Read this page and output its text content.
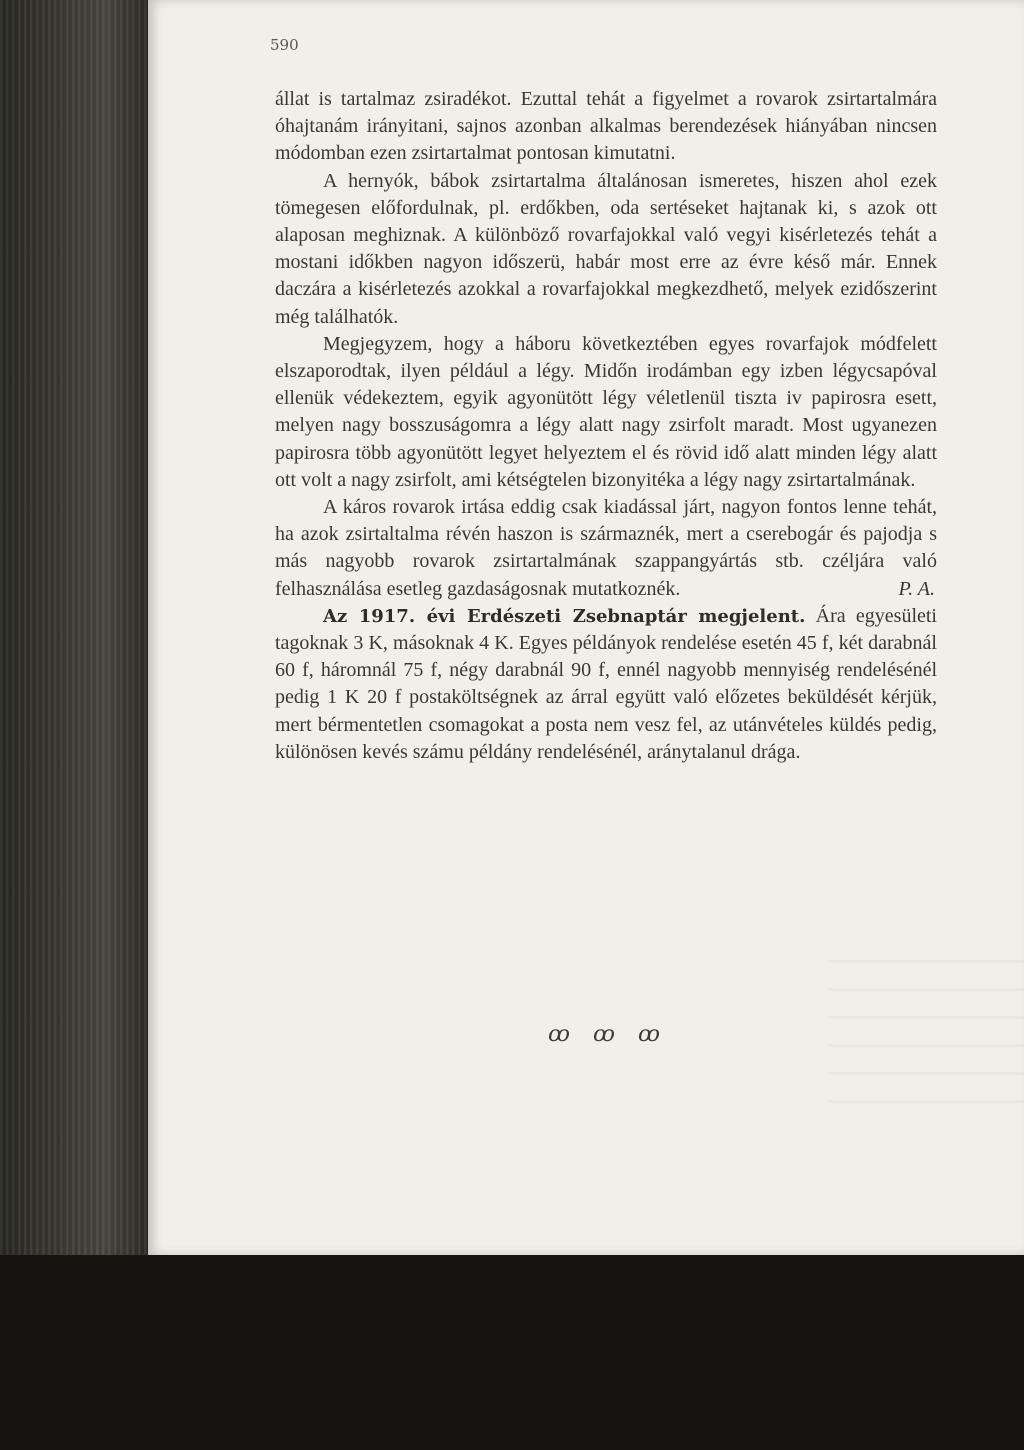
590

állat is tartalmaz zsiradékot. Ezuttal tehát a figyelmet a rovarok zsirtartalmára óhajtanám irányitani, sajnos azonban alkalmas berendezések hiányában nincsen módomban ezen zsirtartalmat pontosan kimutatni.

A hernyók, bábok zsirtartalma általánosan ismeretes, hiszen ahol ezek tömegesen előfordulnak, pl. erdőkben, oda sertéseket hajtanak ki, s azok ott alaposan meghiznak. A különböző rovarfajokkal való vegyi kisérletezés tehát a mostani időkben nagyon időszerü, habár most erre az évre késő már. Ennek daczára a kisérletezés azokkal a rovarfajokkal megkezdhető, melyek ezidőszerint még találhatók.

Megjegyzem, hogy a háboru következtében egyes rovarfajok módfelett elszaporodtak, ilyen például a légy. Midőn irodámban egy izben légycsapóval ellenük védekeztem, egyik agyonütött légy véletlenül tiszta iv papirosra esett, melyen nagy bosszuságomra a légy alatt nagy zsirfolt maradt. Most ugyanezen papirosra több agyonütött legyet helyeztem el és rövid idő alatt minden légy alatt ott volt a nagy zsirfolt, ami kétségtelen bizonyitéka a légy nagy zsirtartalmának.

A káros rovarok irtása eddig csak kiadással járt, nagyon fontos lenne tehát, ha azok zsirtaltalma révén haszon is származnék, mert a cserebogár és pajodja s más nagyobb rovarok zsirtartalmának szappangyártás stb. czéljára való felhasználása esetleg gazdaságosnak mutatkoznék.	P. A.

Az 1917. évi Erdészeti Zsebnaptár megjelent. Ára egyesületi tagoknak 3 K, másoknak 4 K. Egyes példányok rendelése esetén 45 f, két darabnál 60 f, háromnál 75 f, négy darabnál 90 f, ennél nagyobb mennyiség rendelésénél pedig 1 K 20 f postaköltségnek az árral együtt való előzetes beküldését kérjük, mert bérmentetlen csomagokat a posta nem vesz fel, az utánvételes küldés pedig, különösen kevés számu példány rendelésénél, aránytalanul drága.

ꝏ ꝏ ꝏ
